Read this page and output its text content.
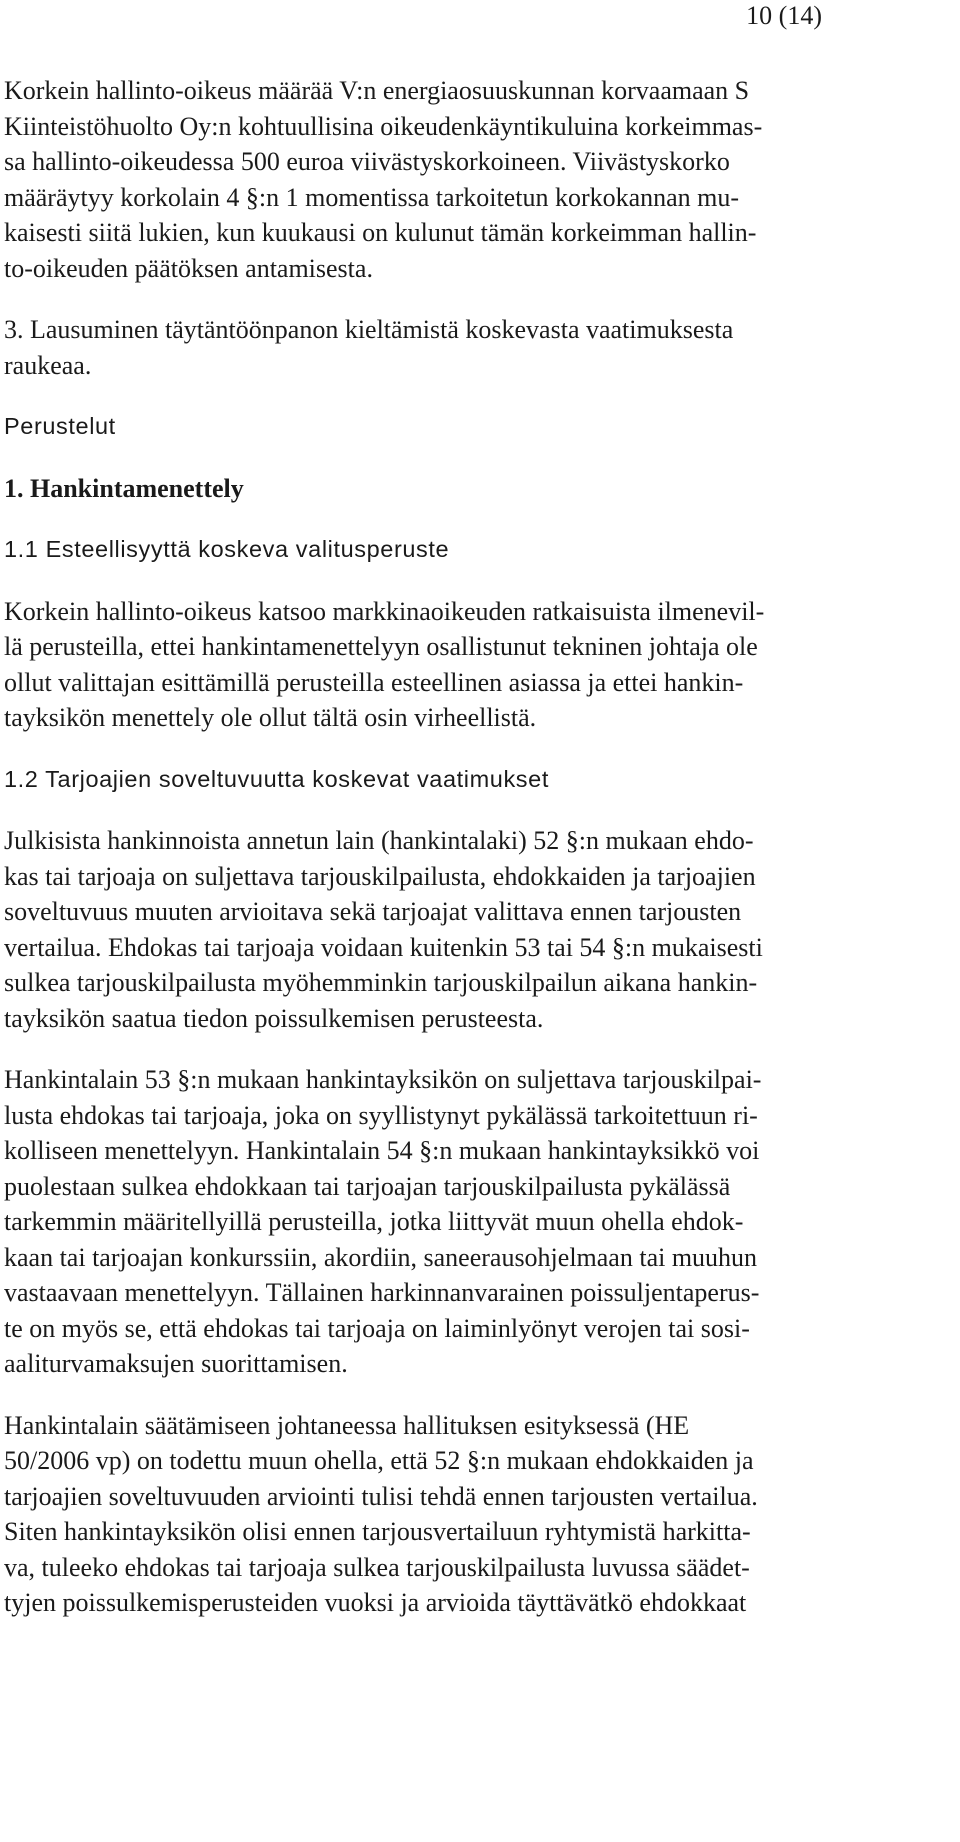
10 (14)
Korkein hallinto-oikeus määrää V:n energiaosuuskunnan korvaamaan S
Kiinteistöhuolto Oy:n kohtuullisina oikeudenkäyntikuluina korkeimmas-
sa hallinto-oikeudessa 500 euroa viivästyskorkoineen. Viivästyskorko
määräytyy korkolain 4 §:n 1 momentissa tarkoitetun korkokannan mu-
kaisesti siitä lukien, kun kuukausi on kulunut tämän korkeimman hallin-
to-oikeuden päätöksen antamisesta.
3. Lausuminen täytäntöönpanon kieltämistä koskevasta vaatimuksesta
raukeaa.
Perustelut
1. Hankintamenettely
1.1 Esteellisyyttä koskeva valitusperuste
Korkein hallinto-oikeus katsoo markkinaoikeuden ratkaisuista ilmenevil-
lä perusteilla, ettei hankintamenettelyyn osallistunut tekninen johtaja ole
ollut valittajan esittämillä perusteilla esteellinen asiassa ja ettei hankin-
tayksikön menettely ole ollut tältä osin virheellistä.
1.2 Tarjoajien soveltuvuutta koskevat vaatimukset
Julkisista hankinnoista annetun lain (hankintalaki) 52 §:n mukaan ehdo-
kas tai tarjoaja on suljettava tarjouskilpailusta, ehdokkaiden ja tarjoajien
soveltuvuus muuten arvioitava sekä tarjoajat valittava ennen tarjousten
vertailua. Ehdokas tai tarjoaja voidaan kuitenkin 53 tai 54 §:n mukaisesti
sulkea tarjouskilpailusta myöhemminkin tarjouskilpailun aikana hankin-
tayksikön saatua tiedon poissulkemisen perusteesta.
Hankintalain 53 §:n mukaan hankintayksikön on suljettava tarjouskilpai-
lusta ehdokas tai tarjoaja, joka on syyllistynyt pykälässä tarkoitettuun ri-
kolliseen menettelyyn. Hankintalain 54 §:n mukaan hankintayksikkö voi
puolestaan sulkea ehdokkaan tai tarjoajan tarjouskilpailusta pykälässä
tarkemmin määritellyillä perusteilla, jotka liittyvät muun ohella ehdok-
kaan tai tarjoajan konkurssiin, akordiin, saneerausohjelmaan tai muuhun
vastaavaan menettelyyn. Tällainen harkinnanvarainen poissuljentaperus-
te on myös se, että ehdokas tai tarjoaja on laiminlyönyt verojen tai sosi-
aaliturvamaksujen suorittamisen.
Hankintalain säätämiseen johtaneessa hallituksen esityksessä (HE
50/2006 vp) on todettu muun ohella, että 52 §:n mukaan ehdokkaiden ja
tarjoajien soveltuvuuden arviointi tulisi tehdä ennen tarjousten vertailua.
Siten hankintayksikön olisi ennen tarjousvertailuun ryhtymistä harkitta-
va, tuleeko ehdokas tai tarjoaja sulkea tarjouskilpailusta luvussa säädet-
tyjen poissulkemisperusteiden vuoksi ja arvioida täyttävätkö ehdokkaat
